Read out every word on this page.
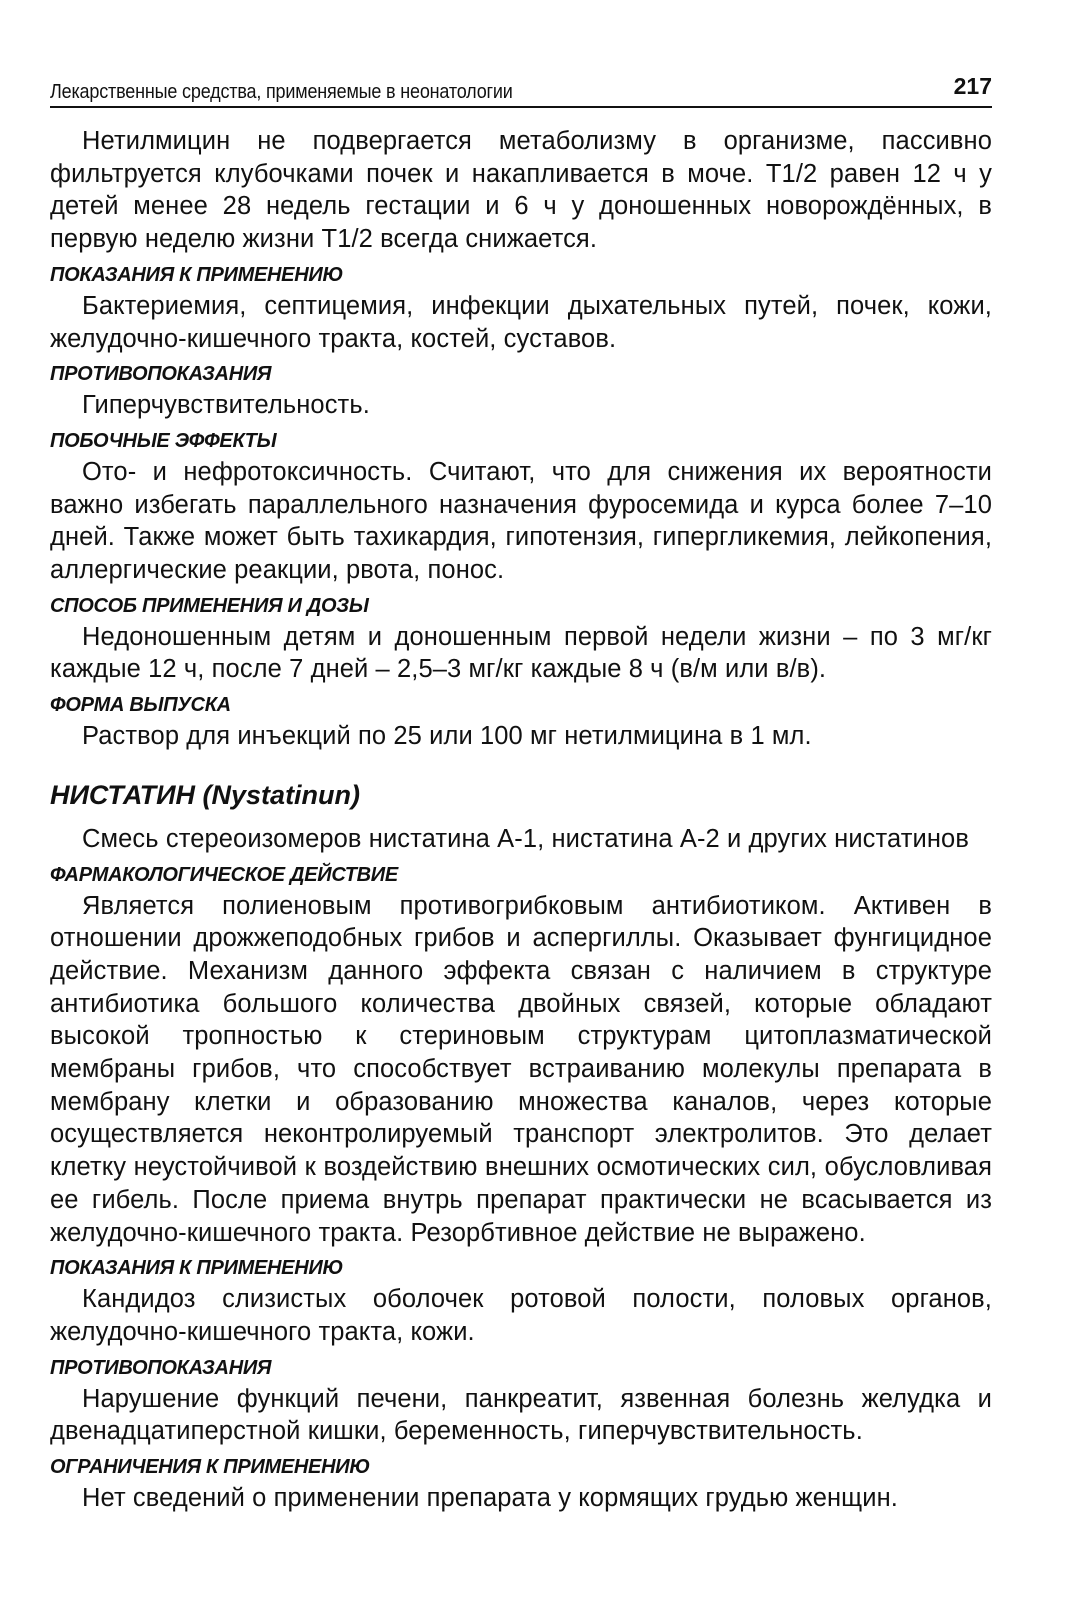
Лекарственные средства, применяемые в неонатологии	217

Нетилмицин не подвергается метаболизму в организме, пассивно фильтруется клубочками почек и накапливается в моче. T1/2 равен 12 ч у детей менее 28 недель гестации и 6 ч у доношенных новорождённых, в первую неделю жизни T1/2 всегда снижается.

ПОКАЗАНИЯ К ПРИМЕНЕНИЮ

Бактериемия, септицемия, инфекции дыхательных путей, почек, кожи, желудочно-кишечного тракта, костей, суставов.

ПРОТИВОПОКАЗАНИЯ

Гиперчувствительность.

ПОБОЧНЫЕ ЭФФЕКТЫ

Ото- и нефротоксичность. Считают, что для снижения их вероятности важно избегать параллельного назначения фуросемида и курса более 7–10 дней. Также может быть тахикардия, гипотензия, гипергликемия, лейкопения, аллергические реакции, рвота, понос.

СПОСОБ ПРИМЕНЕНИЯ И ДОЗЫ

Недоношенным детям и доношенным первой недели жизни – по 3 мг/кг каждые 12 ч, после 7 дней – 2,5–3 мг/кг каждые 8 ч (в/м или в/в).

ФОРМА ВЫПУСКА

Раствор для инъекций по 25 или 100 мг нетилмицина в 1 мл.

НИСТАТИН (Nystatinun)

Смесь стереоизомеров нистатина А-1, нистатина А-2 и других нистатинов

ФАРМАКОЛОГИЧЕСКОЕ ДЕЙСТВИЕ

Является полиеновым противогрибковым антибиотиком. Активен в отношении дрожжеподобных грибов и аспергиллы. Оказывает фунгицидное действие. Механизм данного эффекта связан с наличием в структуре антибиотика большого количества двойных связей, которые обладают высокой тропностью к стериновым структурам цитоплазматической мембраны грибов, что способствует встраиванию молекулы препарата в мембрану клетки и образованию множества каналов, через которые осуществляется неконтролируемый транспорт электролитов. Это делает клетку неустойчивой к воздействию внешних осмотических сил, обусловливая ее гибель. После приема внутрь препарат практически не всасывается из желудочно-кишечного тракта. Резорбтивное действие не выражено.

ПОКАЗАНИЯ К ПРИМЕНЕНИЮ

Кандидоз слизистых оболочек ротовой полости, половых органов, желудочно-кишечного тракта, кожи.

ПРОТИВОПОКАЗАНИЯ

Нарушение функций печени, панкреатит, язвенная болезнь желудка и двенадцатиперстной кишки, беременность, гиперчувствительность.

ОГРАНИЧЕНИЯ К ПРИМЕНЕНИЮ

Нет сведений о применении препарата у кормящих грудью женщин.
